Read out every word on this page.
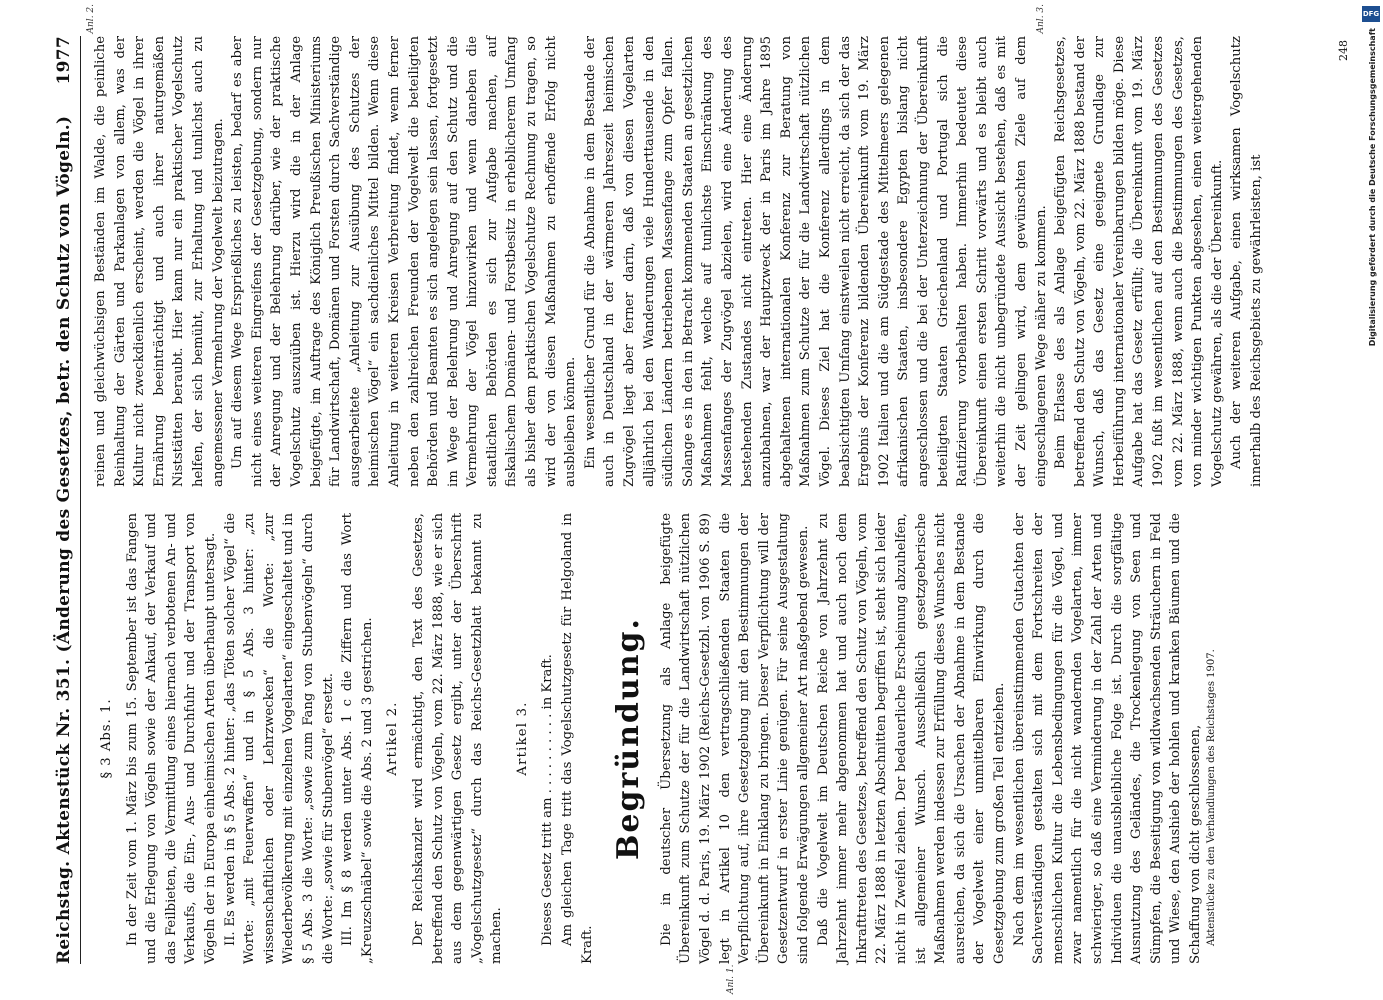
Reichstag. Aktenstück Nr. 351. (Änderung des Gesetzes, betr. den Schutz von Vögeln.)
1977

§ 3 Abs. 1. In der Zeit vom 1. März bis zum 15. September ist das Fangen und die Erlegung von Vögeln sowie der Ankauf, der Verkauf und das Feilbieten, die Vermittlung eines hiernach verbotenen An- und Verkaufs, die Ein-, Aus- und Durchfuhr und der Transport von Vögeln der in Europa einheimischen Arten überhaupt untersagt. II. Es werden in § 5 Abs. 2 hinter: „das Töten solcher Vögel“ die Worte: „mit Feuerwaffen“ und in § 5 Abs. 3 hinter: „zu wissenschaftlichen oder Lehrzwecken“ die Worte: „zur Wiederbevölkerung mit einzelnen Vogelarten“ eingeschaltet und in § 5 Abs. 3 die Worte: „sowie zum Fang von Stubenvögeln“ durch die Worte: „sowie für Stubenvögel“ ersetzt. III. Im § 8 werden unter Abs. 1 c die Ziffern und das Wort „Kreuzschnäbel“ sowie die Abs. 2 und 3 gestrichen. Artikel 2. Der Reichskanzler wird ermächtigt, den Text des Gesetzes, betreffend den Schutz von Vögeln, vom 22. März 1888, wie er sich aus dem gegenwärtigen Gesetz ergibt, unter der Überschrift „Vogelschutzgesetz“ durch das Reichs-Gesetzblatt bekannt zu machen.

Artikel 3. Dieses Gesetz tritt am . . . . . . . . . . in Kraft. Am gleichen Tage tritt das Vogelschutzgesetz für Helgoland in Kraft.

Begründung. Die in deutscher Übersetzung als Anlage beigefügte Übereinkunft zum Schutze der für die Landwirtschaft nützlichen Vögel d. d. Paris, 19. März 1902 (Reichs-Gesetzbl. von 1906 S. 89) legt in Artikel 10 den vertragschließenden Staaten die Verpflichtung auf, ihre Gesetzgebung mit den Bestimmungen der Übereinkunft in Einklang zu bringen. Dieser Verpflichtung will der Gesetzentwurf in erster Linie genügen. Für seine Ausgestaltung sind folgende Erwägungen allgemeiner Art maßgebend gewesen. Daß die Vogelwelt im Deutschen Reiche von Jahrzehnt zu Jahrzehnt immer mehr abgenommen hat und auch noch dem Inkrafttreten des Gesetzes, betreffend den Schutz von Vögeln, vom 22. März 1888 in letzten Abschnitten begriffen ist, steht sich leider nicht in Zweifel ziehen. Der bedauerliche Erscheinung abzuhelfen, ist allgemeiner Wunsch. Ausschließlich gesetzgeberische Maßnahmen werden indessen zur Erfüllung dieses Wunsches nicht ausreichen, da sich die Ursachen der Abnahme in dem Bestande der Vogelwelt einer unmittelbaren Einwirkung durch die Gesetzgebung zum großen Teil entziehen. Nach dem im wesentlichen übereinstimmenden Gutachten der Sachverständigen gestalten sich mit dem Fortschreiten der menschlichen Kultur die Lebensbedingungen für die Vögel, und zwar namentlich für die nicht wandernden Vogelarten, immer schwieriger, so daß eine Verminderung in der Zahl der Arten und Individuen die unausbleibliche Folge ist. Durch die sorgfältige Ausnutzung des Geländes, die Trockenlegung von Seen und Sümpfen, die Beseitigung von wildwachsenden Sträuchern in Feld und Wiese, den Aushieb der hohlen und kranken Bäumen und die Schaffung von dicht geschlossenen, Aktenstücke zu den Verhandlungen des Reichstages 1907.

reinen und gleichwüchsigen Beständen im Walde, die peinliche Reinhaltung der Gärten und Parkanlagen von allem, was der Kultur nicht zweckdienlich erscheint, werden die Vögel in ihrer Ernährung beeinträchtigt und auch ihrer naturgemäßen Niststätten beraubt. Hier kann nur ein praktischer Vogelschutz helfen, der sich bemüht, zur Erhaltung und tunlichst auch zu angemessener Vermehrung der Vogelwelt beizutragen. Um auf diesem Wege Ersprießliches zu leisten, bedarf es aber nicht eines weiteren Eingreifens der Gesetzgebung, sondern nur der Anregung und der Belehrung darüber, wie der praktische Vogelschutz auszuüben ist. Hierzu wird die in der Anlage beigefügte, im Auftrage des Königlich Preußischen Ministeriums für Landwirtschaft, Domänen und Forsten durch Sachverständige ausgearbeitete „Anleitung zur Ausübung des Schutzes der heimischen Vögel“ ein sachdienliches Mittel bilden. Wenn diese Anleitung in weiteren Kreisen Verbreitung findet, wenn ferner neben den zahlreichen Freunden der Vogelwelt die beteiligten Behörden und Beamten es sich angelegen sein lassen, fortgesetzt im Wege der Belehrung und Anregung auf den Schutz und die Vermehrung der Vögel hinzuwirken und wenn daneben die staatlichen Behörden es sich zur Aufgabe machen, auf fiskalischem Domänen- und Forstbesitz in erheblicherem Umfang als bisher dem praktischen Vogelschutze Rechnung zu tragen, so wird der von diesen Maßnahmen zu erhoffende Erfolg nicht ausbleiben können. Ein wesentlicher Grund für die Abnahme in dem Bestande der auch in Deutschland in der wärmeren Jahreszeit heimischen Zugvögel liegt aber ferner darin, daß von diesen Vogelarten alljährlich bei den Wanderungen viele Hunderttausende in den südlichen Ländern betriebenen Massenfange zum Opfer fallen. Solange es in den in Betracht kommenden Staaten an gesetzlichen Maßnahmen fehlt, welche auf tunlichste Einschränkung des Massenfanges der Zugvögel abzielen, wird eine Änderung des bestehenden Zustandes nicht eintreten. Hier eine Änderung anzubahnen, war der Hauptzweck der in Paris im Jahre 1895 abgehaltenen internationalen Konferenz zur Beratung von Maßnahmen zum Schutze der für die Landwirtschaft nützlichen Vögel. Dieses Ziel hat die Konferenz allerdings in dem beabsichtigten Umfang einstweilen nicht erreicht, da sich der das Ergebnis der Konferenz bildenden Übereinkunft vom 19. März 1902 Italien und die am Südgestade des Mittelmeers gelegenen afrikanischen Staaten, insbesondere Egypten bislang nicht angeschlossen und die bei der Unterzeichnung der Übereinkunft beteiligten Staaten Griechenland und Portugal sich die Ratifizierung vorbehalten haben. Immerhin bedeutet diese Übereinkunft einen ersten Schritt vorwärts und es bleibt auch weiterhin die nicht unbegründete Aussicht bestehen, daß es mit der Zeit gelingen wird, dem gewünschten Ziele auf dem eingeschlagenen Wege näher zu kommen. Beim Erlasse des als Anlage beigefügten Reichsgesetzes, betreffend den Schutz von Vögeln, vom 22. März 1888 bestand der Wunsch, daß das Gesetz eine geeignete Grundlage zur Herbeiführung internationaler Vereinbarungen bilden möge. Diese Aufgabe hat das Gesetz erfüllt; die Übereinkunft vom 19. März 1902 fußt im wesentlichen auf den Bestimmungen des Gesetzes vom 22. März 1888, wenn auch die Bestimmungen des Gesetzes, von minder wichtigen Punkten abgesehen, einen weitergehenden Vogelschutz gewähren, als die der Übereinkunft. Auch der weiteren Aufgabe, einen wirksamen Vogelschutz innerhalb des Reichsgebiets zu gewährleisten, ist

248
Anl. 1.
Anl. 2.	Anl. 3.	DFG
Digitalisierung gefördert durch die Deutsche Forschungsgemeinschaft
